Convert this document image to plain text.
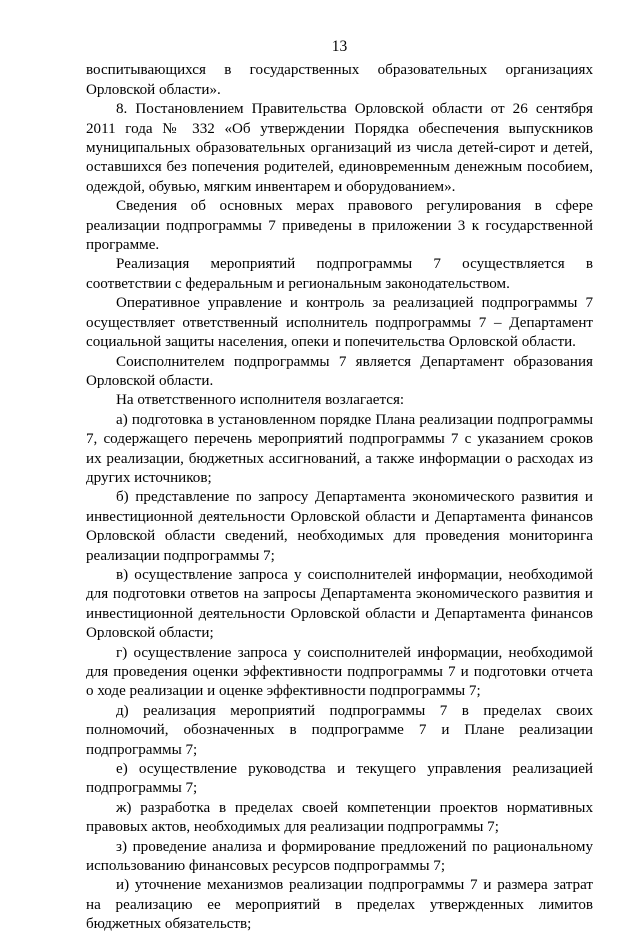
13

воспитывающихся в государственных образовательных организациях Орловской области».

8. Постановлением Правительства Орловской области от 26 сентября 2011 года № 332 «Об утверждении Порядка обеспечения выпускников муниципальных образовательных организаций из числа детей-сирот и детей, оставшихся без попечения родителей, единовременным денежным пособием, одеждой, обувью, мягким инвентарем и оборудованием».

Сведения об основных мерах правового регулирования в сфере реализации подпрограммы 7 приведены в приложении 3 к государственной программе.

Реализация мероприятий подпрограммы 7 осуществляется в соответствии с федеральным и региональным законодательством.

Оперативное управление и контроль за реализацией подпрограммы 7 осуществляет ответственный исполнитель подпрограммы 7 – Департамент социальной защиты населения, опеки и попечительства Орловской области.

Соисполнителем подпрограммы 7 является Департамент образования Орловской области.

На ответственного исполнителя возлагается:

а) подготовка в установленном порядке Плана реализации подпрограммы 7, содержащего перечень мероприятий подпрограммы 7 с указанием сроков их реализации, бюджетных ассигнований, а также информации о расходах из других источников;

б) представление по запросу Департамента экономического развития и инвестиционной деятельности Орловской области и Департамента финансов Орловской области сведений, необходимых для проведения мониторинга реализации подпрограммы 7;

в) осуществление запроса у соисполнителей информации, необходимой для подготовки ответов на запросы Департамента экономического развития и инвестиционной деятельности Орловской области и Департамента финансов Орловской области;

г) осуществление запроса у соисполнителей информации, необходимой для проведения оценки эффективности подпрограммы 7 и подготовки отчета о ходе реализации и оценке эффективности подпрограммы 7;

д) реализация мероприятий подпрограммы 7 в пределах своих полномочий, обозначенных в подпрограмме 7 и Плане реализации подпрограммы 7;

е) осуществление руководства и текущего управления реализацией подпрограммы 7;

ж) разработка в пределах своей компетенции проектов нормативных правовых актов, необходимых для реализации подпрограммы 7;

з) проведение анализа и формирование предложений по рациональному использованию финансовых ресурсов подпрограммы 7;

и) уточнение механизмов реализации подпрограммы 7 и размера затрат на реализацию ее мероприятий в пределах утвержденных лимитов бюджетных обязательств;
